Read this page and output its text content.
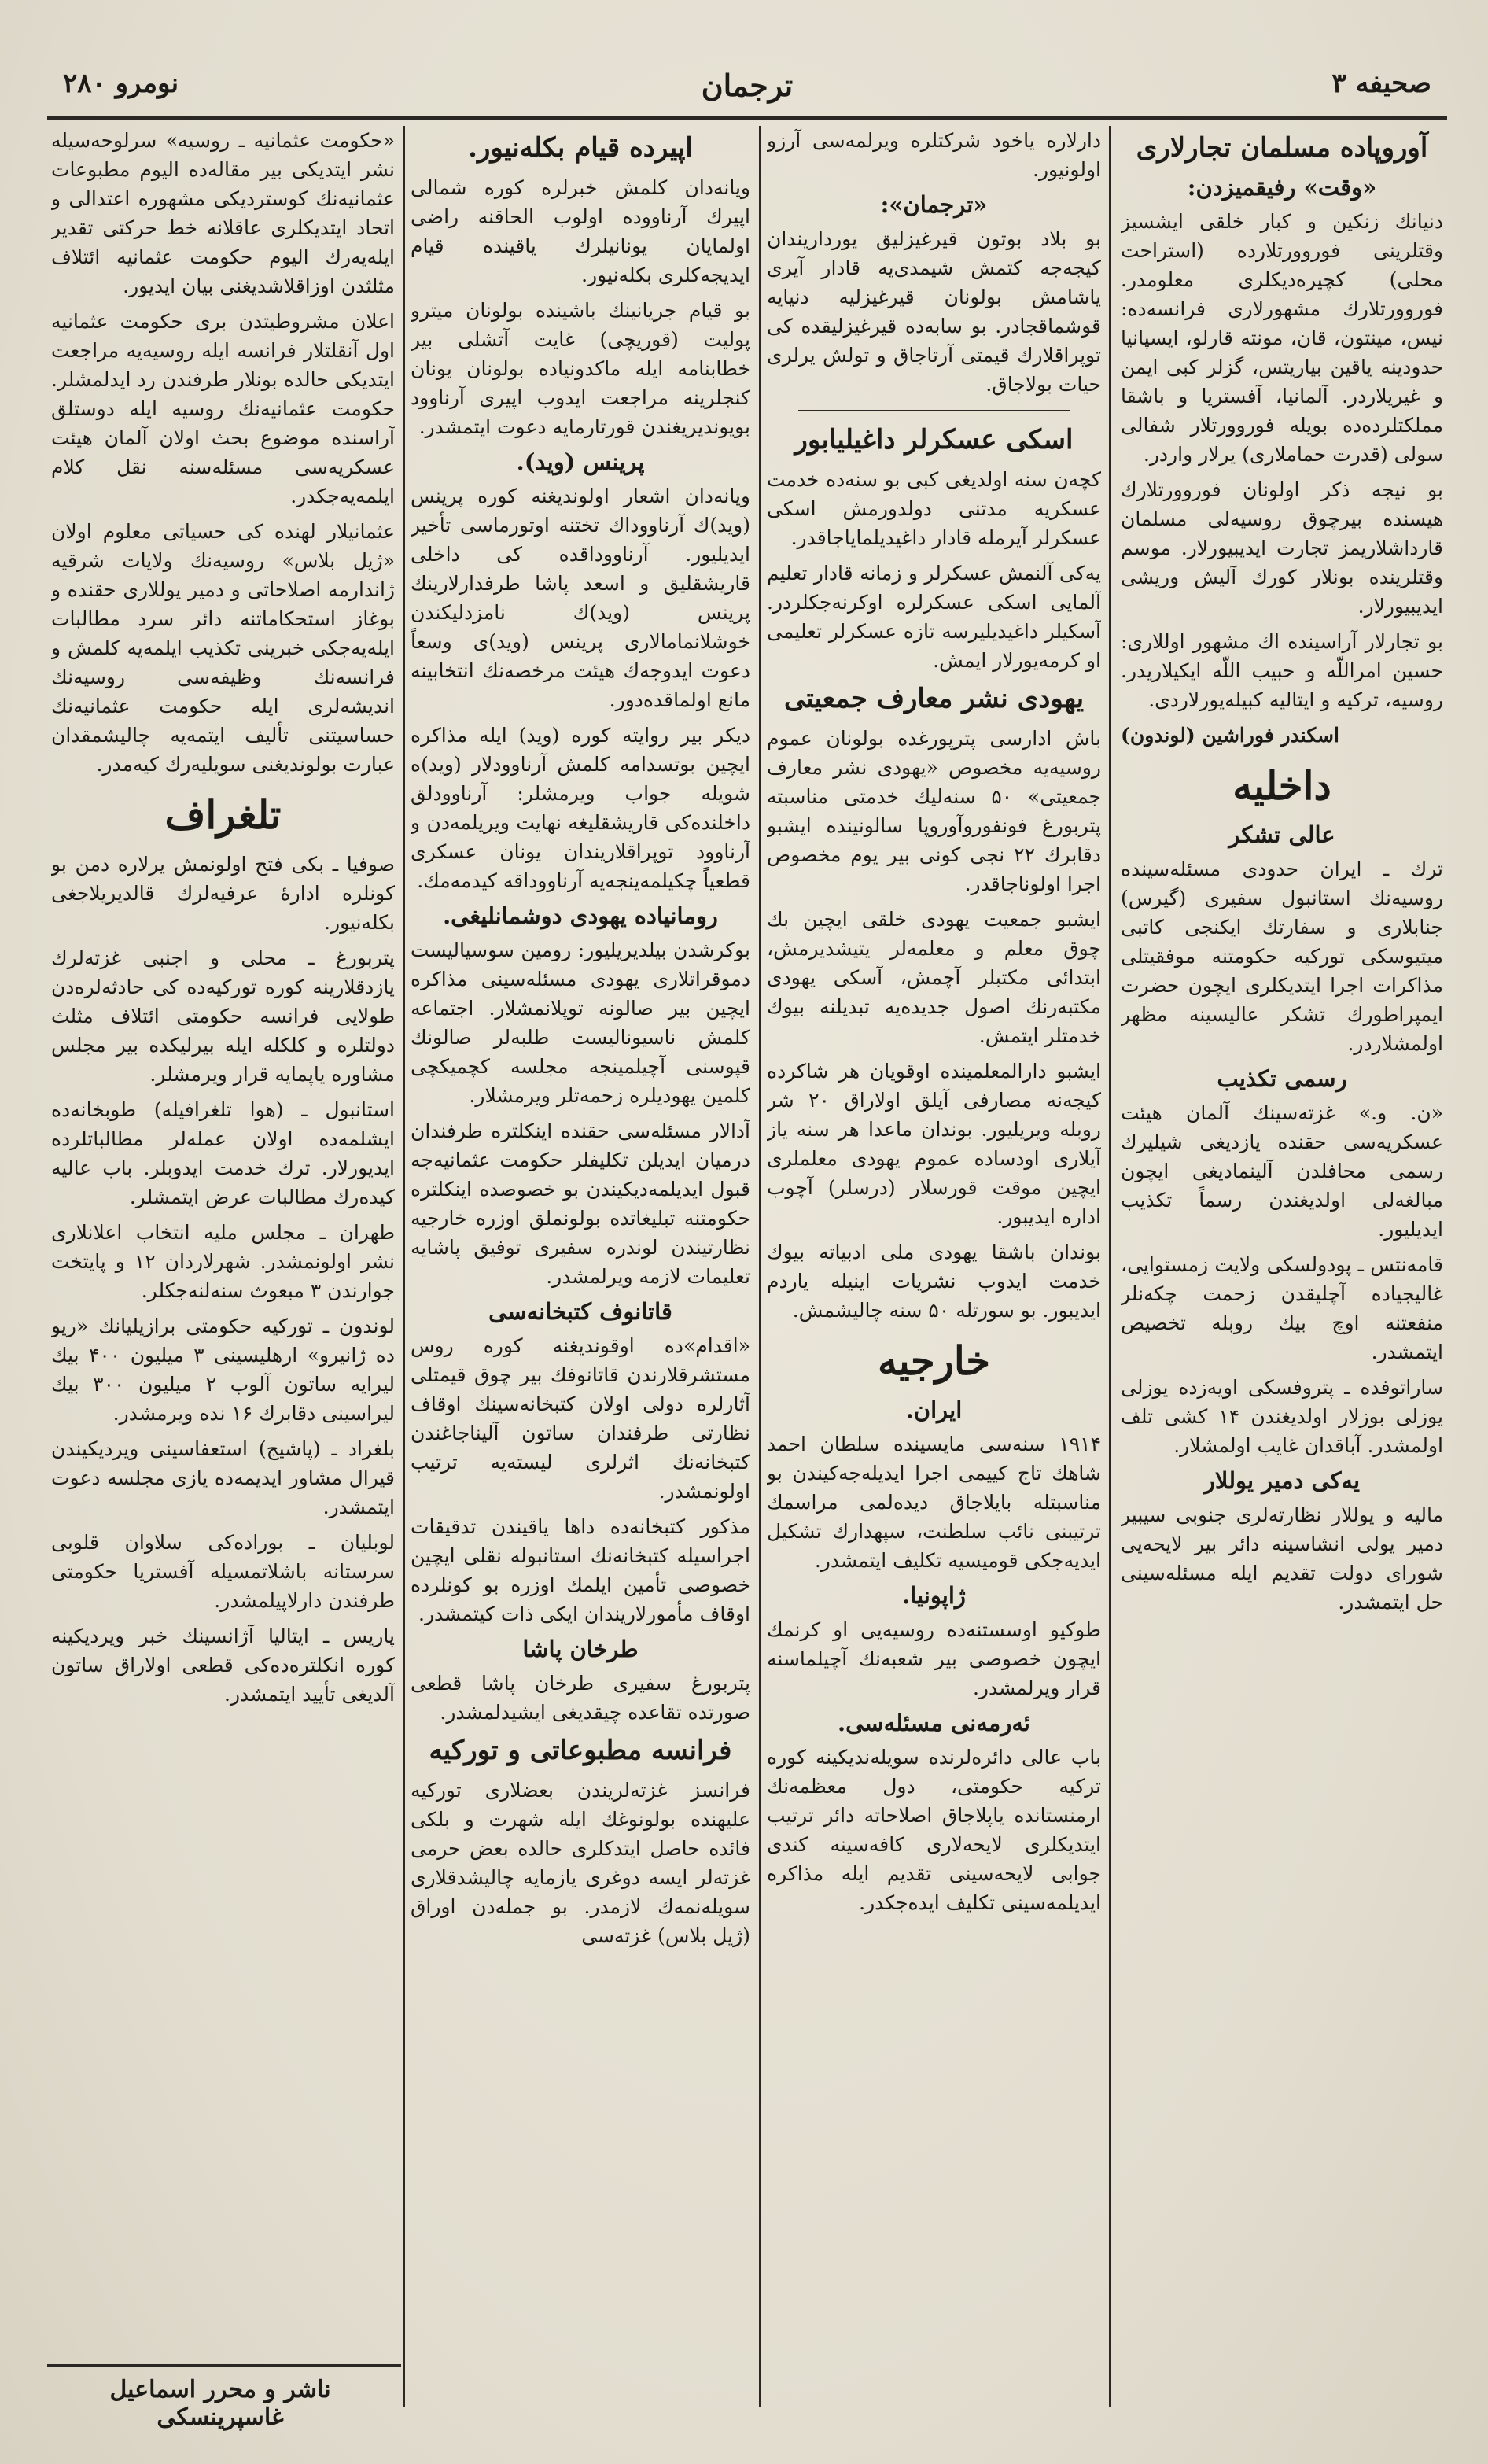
صحیفه ۳
ترجمان
نومرو ۲۸۰
آوروپاده مسلمان تجارلاری
«وقت» رفیقمیزدن:

دنیانك زنکین و کبار خلقی ایشسیز وقتلرینی فوروورتلارده (استراحت محلی) کچیره‌دیکلری معلومدر. فوروورتلارك مشهورلاری فرانسه‌ده: نیس، مینتون، قان، مونته قارلو، ایسپانیا حدودینه یاقین بیاریتس، گزلر کبی ایمن و غیریلاردر. آلمانیا، آفستریا و باشقا مملکتلرده‌ده بویله فوروورتلار شفالی سولی (قدرت حماملاری) یرلار واردر.

بو نیجه ذکر اولونان فوروورتلارك هیسنده بیرچوق روسیه‌لی مسلمان قارداشلاریمز تجارت ایدیبیورلار. موسم وقتلرینده بونلار کورك آلیش وریشی ایدیبیورلار.

بو تجارلار آراسینده اك مشهور اوللاری: حسین امراللّه و حبیب اللّه ایکیلاریدر. روسیه، ترکیه و ایتالیه کبیله‌یورلاردی.

اسکندر فوراشین (لوندون)
داخلیه
عالی تشکر

ترك ـ ایران حدودی مسئله‌سینده روسیه‌نك استانبول سفیری (گیرس) جنابلاری و سفارتك ایکنجی کاتبی میتیوسکی تورکیه حکومتنه موفقیتلی مذاکرات اجرا ایتدیکلری ایچون حضرت ایمپراطورك تشکر عالیسینه مظهر اولمشلاردر.

رسمی تکذیب

«ن. و.» غزته‌سینك آلمان هیئت عسکریه‌سی حقنده یازدیغی شیلیرك رسمی محافلدن آلینمادیغی ایچون مبالغه‌لی اولدیغندن رسماً تکذیب ایدیلیور.

قامه‌نتس ـ پودولسکی ولایت زمستوایی، غالیجیاده آچلیقدن زحمت چکه‌نلر منفعتنه اوچ بیك روبله تخصیص ایتمشدر.

ساراتوفده ـ پتروفسکی اویه‌زده یوزلی یوزلی بوزلار اولدیغندن ۱۴ کشی تلف اولمشدر. آباقدان غایب اولمشلار.

یه‌کی دمیر یوللار

مالیه و یوللار نظارته‌لری جنوبی سیبیر دمیر یولی انشاسینه دائر بیر لایحه‌یی شورای دولت تقدیم ایله مسئله‌سینی حل ایتمشدر.

دارلاره یاخود شرکتلره ویرلمه‌سی آرزو اولونیور.

«ترجمان»:

بو بلاد بوتون قیرغیزلیق یورداریندان کیجه‌جه کتمش شیمدی‌یه قادار آیری یاشامش بولونان قیرغیزلیه دنیایه قوشماقجادر. بو سابه‌ده قیرغیزلیقده کی توپراقلارك قیمتی آرتاجاق و تولش یرلری حیات بولاجاق.

اسکی عسکرلر داغیلیابور

کچه‌ن سنه اولدیغی کبی بو سنه‌ده خدمت عسکریه مدتنی دولدورمش اسکی عسکرلر آیرمله قادار داغیدیلمایاجاقدر.

یه‌کی آلنمش عسکرلر و زمانه قادار تعلیم آلمایی اسکی عسکرلره اوکرنه‌جکلردر. آسکیلر داغیدیلیرسه تازه عسکرلر تعلیمی او کرمه‌یورلار ایمش.

یهودی نشر معارف جمعیتی

باش ادارسی پترپورغده بولونان عموم روسیه‌یه مخصوص «یهودی نشر معارف جمعیتی» ۵۰ سنه‌لیك خدمتی مناسبته پتربورغ فونفوروآوروپا سالونینده ایشبو دقابرك ۲۲ نجی کونی بیر یوم مخصوص اجرا اولوناجاقدر.

ایشبو جمعیت یهودی خلقی ایچین بك چوق معلم و معلمه‌لر یتیشدیرمش، ابتدائی مکتبلر آچمش، آسکی یهودی مکتبه‌رنك اصول جدیده‌یه تبدیلنه بیوك خدمتلر ایتمش.

ایشبو دارالمعلمینده اوقویان هر شاکرده کیجه‌نه مصارفی آیلق اولاراق ۲۰ شر روبله ویریلیور. بوندان ماعدا هر سنه یاز آیلاری اودساده عموم یهودی معلملری ایچین موقت قورسلار (درسلر) آچوب اداره ایدیبور.

بوندان باشقا یهودی ملی ادبیاته بیوك خدمت ایدوب نشریات اینیله یاردم ایدیبور. بو سورتله ۵۰ سنه چالیشمش.

خارجیه
ایران.

۱۹۱۴ سنه‌سی مایسینده سلطان احمد شاهك تاج کییمی اجرا ایدیله‌جه‌کیندن بو مناسبتله بایلاجاق دیده‌لمی مراسمك ترتیبنی نائب سلطنت، سپهدارك تشکیل ایدیه‌جکی قومیسیه تکلیف ایتمشدر.

ژاپونیا.

طوکیو اوسستنه‌ده روسیه‌یی او کرنمك ایچون خصوصی بیر شعبه‌نك آچیلماسنه قرار ویرلمشدر.

ئه‌رمه‌نی مسئله‌سی.

باب عالی دائره‌لرنده سویله‌ندیکینه کوره ترکیه حکومتی، دول معظمه‌نك ارمنستانده یاپلاجاق اصلاحاته دائر ترتیب ایتدیکلری لایحه‌لاری کافه‌سینه کندی جوابی لایحه‌سینی تقدیم ایله مذاکره ایدیلمه‌سینی تکلیف ایده‌جکدر.

اپیرده قیام بکله‌نیور.

ویانه‌دان کلمش خبرلره کوره شمالی اپیرك آرناووده اولوب الحاقنه راضی اولمایان یونانیلرك یاقینده قیام ایدیجه‌کلری بکله‌نیور.

بو قیام جریانینك باشینده بولونان میترو پولیت (قوریچی) غایت آتشلی بیر خطابنامه ایله ماکدونیاده بولونان یونان کنجلرینه مراجعت ایدوب اپیری آرناوود بویوندیریغندن قورتارمایه دعوت ایتمشدر.

پرینس (وید).

ویانه‌دان اشعار اولوندیغنه کوره پرینس (وید)ك آرناووداك تختنه اوتورماسی تأخیر ایدیلیور. آرناووداقده کی داخلی قاریشقلیق و اسعد پاشا طرفدارلارینك پرینس (وید)ك نامزدلیکندن خوشلانمامالاری پرینس (وید)ی وسعاً دعوت ایدوجه‌ك هیئت مرخصه‌نك انتخابینه مانع اولماقده‌دور.

دیکر بیر روایته کوره (وید) ایله مذاکره ایچین بوتسدامه کلمش آرناوودلار (وید)ه شویله جواب ویرمشلر: آرناوودلق داخلنده‌کی قاریشقلیغه نهایت ویریلمه‌دن و آرناوود توپراقلاریندان یونان عسکری قطعیاً چکیلمه‌ینجه‌یه آرناووداقه کیدمه‌مك.

رومانیاده یهودی دوشمانلیغی.

بوکرشدن بیلدیریلیور: رومین سوسیالیست دموقراتلاری یهودی مسئله‌سینی مذاکره ایچین بیر صالونه توپلانمشلار. اجتماعه کلمش ناسیونالیست طلبه‌لر صالونك قپوسنی آچیلمینجه مجلسه کچمیکچی کلمین یهودیلره زحمه‌تلر ویرمشلار.

آدالار مسئله‌سی حقنده اینکلتره طرفندان درمیان ایدیلن تکلیفلر حکومت عثمانیه‌جه قبول ایدیلمه‌دیکیندن بو خصوصده اینکلتره حکومتنه تبلیغاتده بولونملق اوزره خارجیه نظارتیندن لوندره سفیری توفیق پاشایه تعلیمات لازمه ویرلمشدر.

قاتانوف کتبخانه‌سی

«اقدام»ده اوقوندیغنه کوره روس مستشرقلارندن قاتانوفك بیر چوق قیمتلی آثارلره دولی اولان کتبخانه‌سینك اوقاف نظارتی طرفندان ساتون آلیناجاغندن کتبخانه‌نك اثرلری لیسته‌یه ترتیب اولونمشدر.

مذکور کتبخانه‌ده داها یاقیندن تدقیقات اجراسیله کتبخانه‌نك استانبوله نقلی ایچین خصوصی تأمین ایلمك اوزره بو کونلرده اوقاف مأمورلاریندان ایکی ذات کیتمشدر.

طرخان پاشا

پتربورغ سفیری طرخان پاشا قطعی صورتده تقاعده چیقدیغی ایشیدلمشدر.

فرانسه مطبوعاتی و تورکیه

فرانسز غزته‌لریندن بعضلاری تورکیه علیهنده بولونوغك ایله شهرت و بلکی فائده حاصل ایتدکلری حالده بعض حرمی غزته‌لر ایسه دوغری یازمایه چالیشدقلاری سویله‌نمه‌ك لازمدر. بو جمله‌دن اوراق (ژیل بلاس) غزته‌سی

«حکومت عثمانیه ـ روسیه» سرلوحه‌سیله نشر ایتدیکی بیر مقاله‌ده الیوم مطبوعات عثمانیه‌نك کوستردیکی مشهوره اعتدالی و اتحاد ایتدیکلری عاقلانه خط حرکتی تقدیر ایله‌یه‌رك الیوم حکومت عثمانیه ائتلاف مثلثدن اوزاقلاشدیغنی بیان ایدیور.

اعلان مشروطیتدن بری حکومت عثمانیه اول آنقلتلار فرانسه ایله روسیه‌یه مراجعت ایتدیکی حالده بونلار طرفندن رد ایدلمشلر. حکومت عثمانیه‌نك روسیه ایله دوستلق آراسنده موضوع بحث اولان آلمان هیئت عسکریه‌سی مسئله‌سنه نقل کلام ایلمه‌یه‌جکدر.

عثمانیلار لهنده کی حسیاتی معلوم اولان «ژیل بلاس» روسیه‌نك ولایات شرقیه ژاندارمه اصلاحاتی و دمیر یوللاری حقنده و بوغاز استحکاماتنه دائر سرد مطالبات ایله‌یه‌جکی خبرینی تکذیب ایلمه‌یه کلمش و فرانسه‌نك وظیفه‌سی روسیه‌نك اندیشه‌لری ایله حکومت عثمانیه‌نك حساسیتنی تألیف ایتمه‌یه چالیشمقدان عبارت بولوندیغنی سویلیه‌رك کیه‌مدر.

تلغراف

صوفیا ـ بکی فتح اولونمش یرلاره دمن بو کونلره ادارهٔ عرفیه‌لرك قالدیریلاجغی بکله‌نیور.

پتربورغ ـ محلی و اجنبی غزته‌لرك یازدقلارینه کوره تورکیه‌ده کی حادثه‌لره‌دن طولایی فرانسه حکومتی ائتلاف مثلث دولتلره و کلکله ایله بیرلیکده بیر مجلس مشاوره یاپمایه قرار ویرمشلر.

استانبول ـ (هوا تلغرافیله) طوبخانه‌ده ایشلمه‌ده اولان عمله‌لر مطالباتلرده ایدیورلار. ترك خدمت ایدوبلر. باب عالیه کیده‌رك مطالبات عرض ایتمشلر.

طهران ـ مجلس ملیه انتخاب اعلانلاری نشر اولونمشدر. شهرلاردان ۱۲ و پایتخت جوارندن ۳ مبعوث سنه‌لنه‌جکلر.

لوندون ـ تورکیه حکومتی برازیلیانك «ریو ده ژانیرو» ارهلیسینی ۳ میلیون ۴۰۰ بیك لیرایه ساتون آلوب ۲ میلیون ۳۰۰ بیك لیراسینی دقابرك ۱۶ نده ویرمشدر.

بلغراد ـ (پاشیج) استعفاسینی ویردیکیندن قیرال مشاور ایدیمه‌ده یازی مجلسه دعوت ایتمشدر.

لوبلیان ـ بوراده‌کی سلاوان قلوبی سرستانه باشلاتمسیله آفستریا حکومتی طرفندن دارلاپیلمشدر.

پاریس ـ ایتالیا آژانسینك خبر ویردیکینه کوره انکلتره‌ده‌کی قطعی اولاراق ساتون آلدیغی تأیید ایتمشدر.

ناشر و محرر اسماعیل غاسپرینسکی
